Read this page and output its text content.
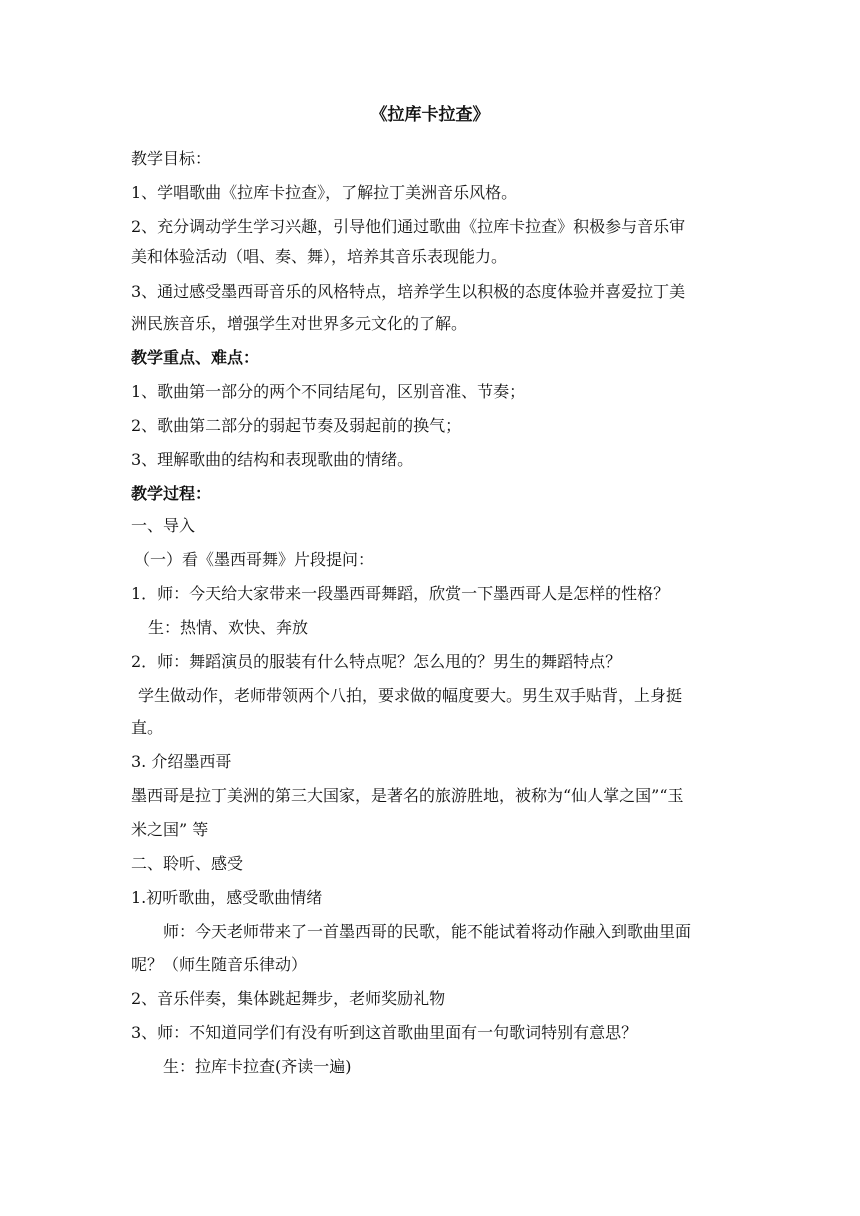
《拉库卡拉查》
教学目标：
1、学唱歌曲《拉库卡拉查》，了解拉丁美洲音乐风格。
2、充分调动学生学习兴趣，引导他们通过歌曲《拉库卡拉查》积极参与音乐审
美和体验活动（唱、奏、舞），培养其音乐表现能力。
3、通过感受墨西哥音乐的风格特点，培养学生以积极的态度体验并喜爱拉丁美
洲民族音乐，增强学生对世界多元文化的了解。
教学重点、难点：
1、歌曲第一部分的两个不同结尾句，区别音准、节奏；
2、歌曲第二部分的弱起节奏及弱起前的换气；
3、理解歌曲的结构和表现歌曲的情绪。
教学过程：
一、导入
（一）看《墨西哥舞》片段提问：
1．师：今天给大家带来一段墨西哥舞蹈，欣赏一下墨西哥人是怎样的性格？
生：热情、欢快、奔放
2．师：舞蹈演员的服装有什么特点呢？怎么甩的？男生的舞蹈特点？
学生做动作，老师带领两个八拍，要求做的幅度要大。男生双手贴背，上身挺
直。
3. 介绍墨西哥
墨西哥是拉丁美洲的第三大国家，是著名的旅游胜地，被称为“仙人掌之国”“玉
米之国” 等
二、聆听、感受
1.初听歌曲，感受歌曲情绪
师：今天老师带来了一首墨西哥的民歌，能不能试着将动作融入到歌曲里面
呢？（师生随音乐律动）
2、音乐伴奏，集体跳起舞步，老师奖励礼物
3、师：不知道同学们有没有听到这首歌曲里面有一句歌词特别有意思？
生：拉库卡拉查(齐读一遍)
